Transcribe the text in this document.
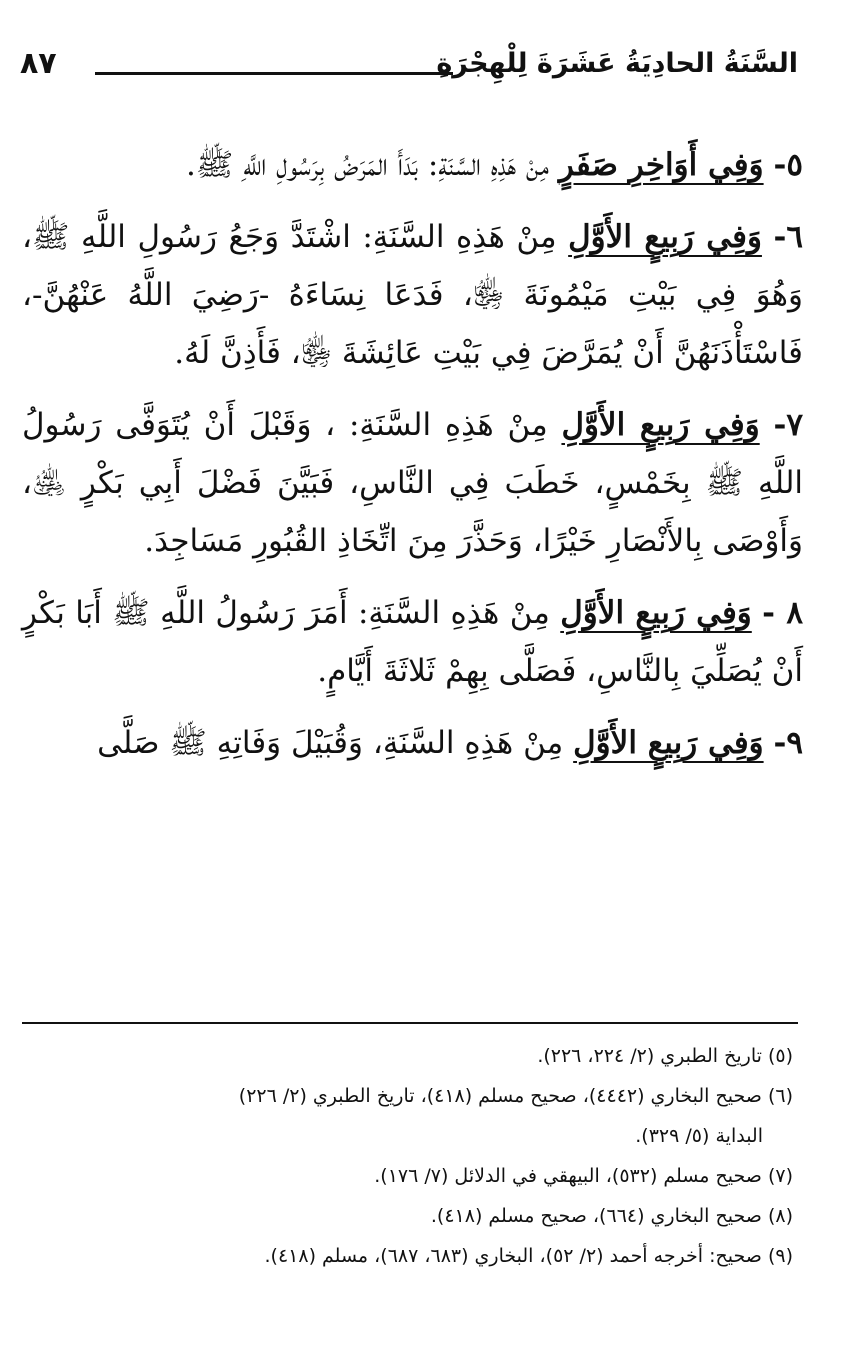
السَّنَةُ الحادِيَةُ عَشَرَةَ لِلْهِجْرَةِ
٨٧

٥- وَفِي أَوَاخِرِ صَفَرٍ مِنْ هَذِهِ السَّنَةِ: بَدَأَ المَرَضُ بِرَسُولِ اللَّهِ ﷺ.

٦- وَفِي رَبِيعٍ الأَوَّلِ مِنْ هَذِهِ السَّنَةِ: اشْتَدَّ وَجَعُ رَسُولِ اللَّهِ ﷺ، وَهُوَ فِي بَيْتِ مَيْمُونَةَ ﵂، فَدَعَا نِسَاءَهُ -رَضِيَ اللَّهُ عَنْهُنَّ-، فَاسْتَأْذَنَهُنَّ أَنْ يُمَرَّضَ فِي بَيْتِ عَائِشَةَ ﵂، فَأَذِنَّ لَهُ.

٧- وَفِي رَبِيعٍ الأَوَّلِ مِنْ هَذِهِ السَّنَةِ: ، وَقَبْلَ أَنْ يُتَوَفَّى رَسُولُ اللَّهِ ﷺ بِخَمْسٍ، خَطَبَ فِي النَّاسِ، فَبَيَّنَ فَضْلَ أَبِي بَكْرٍ ﵁، وَأَوْصَى بِالأَنْصَارِ خَيْرًا، وَحَذَّرَ مِنَ اتِّخَاذِ القُبُورِ مَسَاجِدَ.

٨ - وَفِي رَبِيعٍ الأَوَّلِ مِنْ هَذِهِ السَّنَةِ: أَمَرَ رَسُولُ اللَّهِ ﷺ أَبَا بَكْرٍ أَنْ يُصَلِّيَ بِالنَّاسِ، فَصَلَّى بِهِمْ ثَلاثَةَ أَيَّامٍ.

٩- وَفِي رَبِيعٍ الأَوَّلِ مِنْ هَذِهِ السَّنَةِ، وَقُبَيْلَ وَفَاتِهِ ﷺ صَلَّى

(٥) تاريخ الطبري (٢/ ٢٢٤، ٢٢٦).

(٦) صحيح البخاري (٤٤٤٢)، صحيح مسلم (٤١٨)، تاريخ الطبري (٢/ ٢٢٦)

البداية (٥/ ٣٢٩).

(٧) صحيح مسلم (٥٣٢)، البيهقي في الدلائل (٧/ ١٧٦).

(٨) صحيح البخاري (٦٦٤)، صحيح مسلم (٤١٨).

(٩) صحيح: أخرجه أحمد (٢/ ٥٢)، البخاري (٦٨٣، ٦٨٧)، مسلم (٤١٨).
